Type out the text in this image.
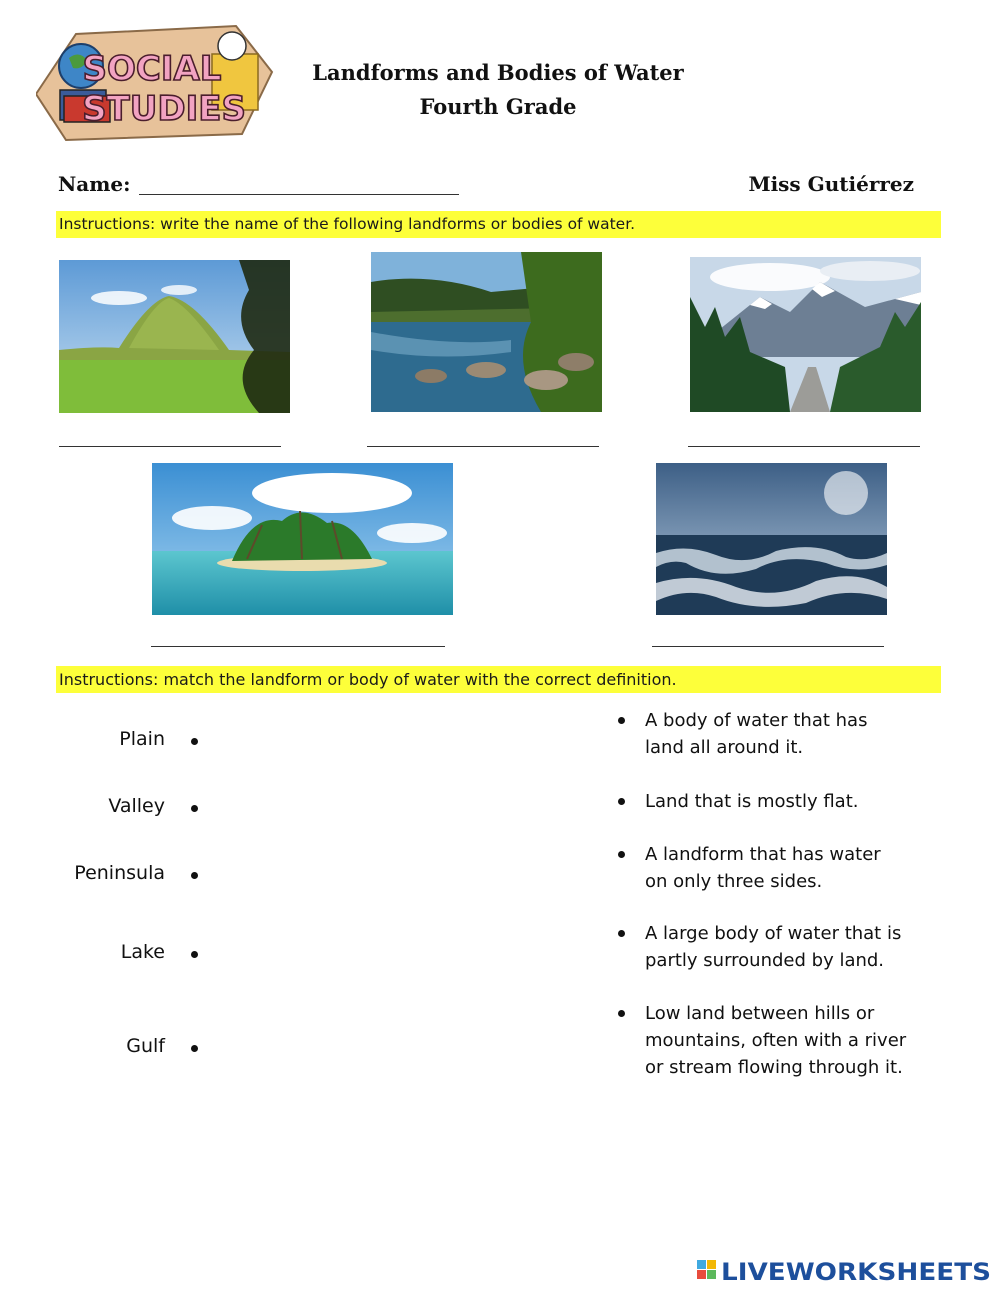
SOCIAL
STUDIES
Landforms and Bodies of Water
Fourth Grade
Name:	Miss Gutiérrez
Instructions: write the name of the following landforms or bodies of water.
Instructions: match the landform or body of water with the correct definition.
Plain
Valley
Peninsula
Lake
Gulf
A body of water that has
land all around it.
Land that is mostly flat.
A landform that has water
on only three sides.
A large body of water that is
partly surrounded by land.
Low land between hills or
mountains, often with a river
or stream flowing through it.
LIVEWORKSHEETS
